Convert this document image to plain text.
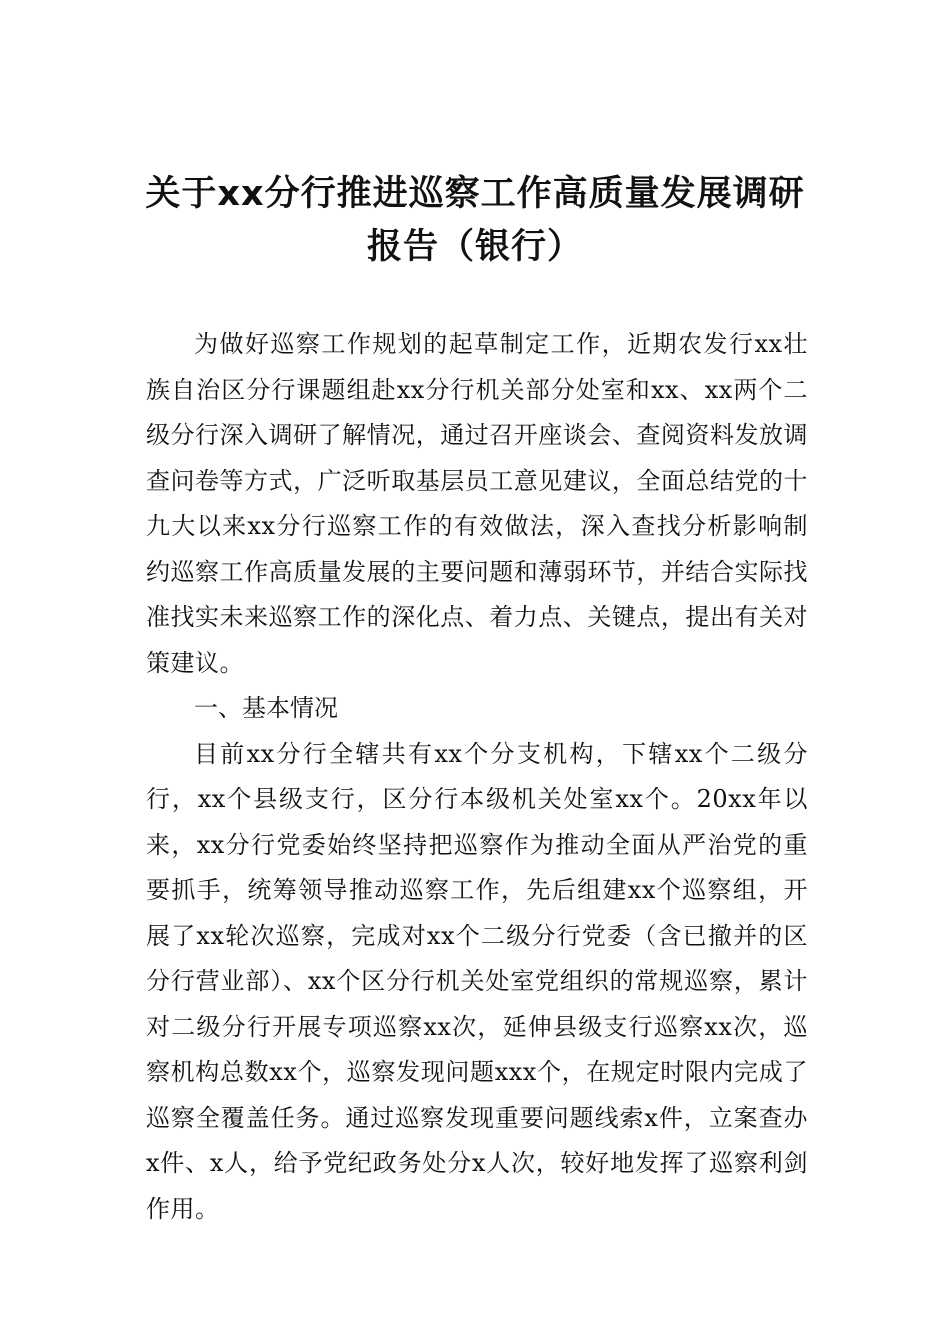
关于xx分行推进巡察工作高质量发展调研
报告（银行）

为做好巡察工作规划的起草制定工作，近期农发行xx壮族自治区分行课题组赴xx分行机关部分处室和xx、xx两个二级分行深入调研了解情况，通过召开座谈会、查阅资料发放调查问卷等方式，广泛听取基层员工意见建议，全面总结党的十九大以来xx分行巡察工作的有效做法，深入查找分析影响制约巡察工作高质量发展的主要问题和薄弱环节，并结合实际找准找实未来巡察工作的深化点、着力点、关键点，提出有关对策建议。

一、基本情况

目前xx分行全辖共有xx个分支机构，下辖xx个二级分行，xx个县级支行，区分行本级机关处室xx个。20xx年以来，xx分行党委始终坚持把巡察作为推动全面从严治党的重要抓手，统筹领导推动巡察工作，先后组建xx个巡察组，开展了xx轮次巡察，完成对xx个二级分行党委（含已撤并的区分行营业部）、xx个区分行机关处室党组织的常规巡察，累计对二级分行开展专项巡察xx次，延伸县级支行巡察xx次，巡察机构总数xx个，巡察发现问题xxx个，在规定时限内完成了巡察全覆盖任务。通过巡察发现重要问题线索x件，立案查办x件、x人，给予党纪政务处分x人次，较好地发挥了巡察利剑作用。
